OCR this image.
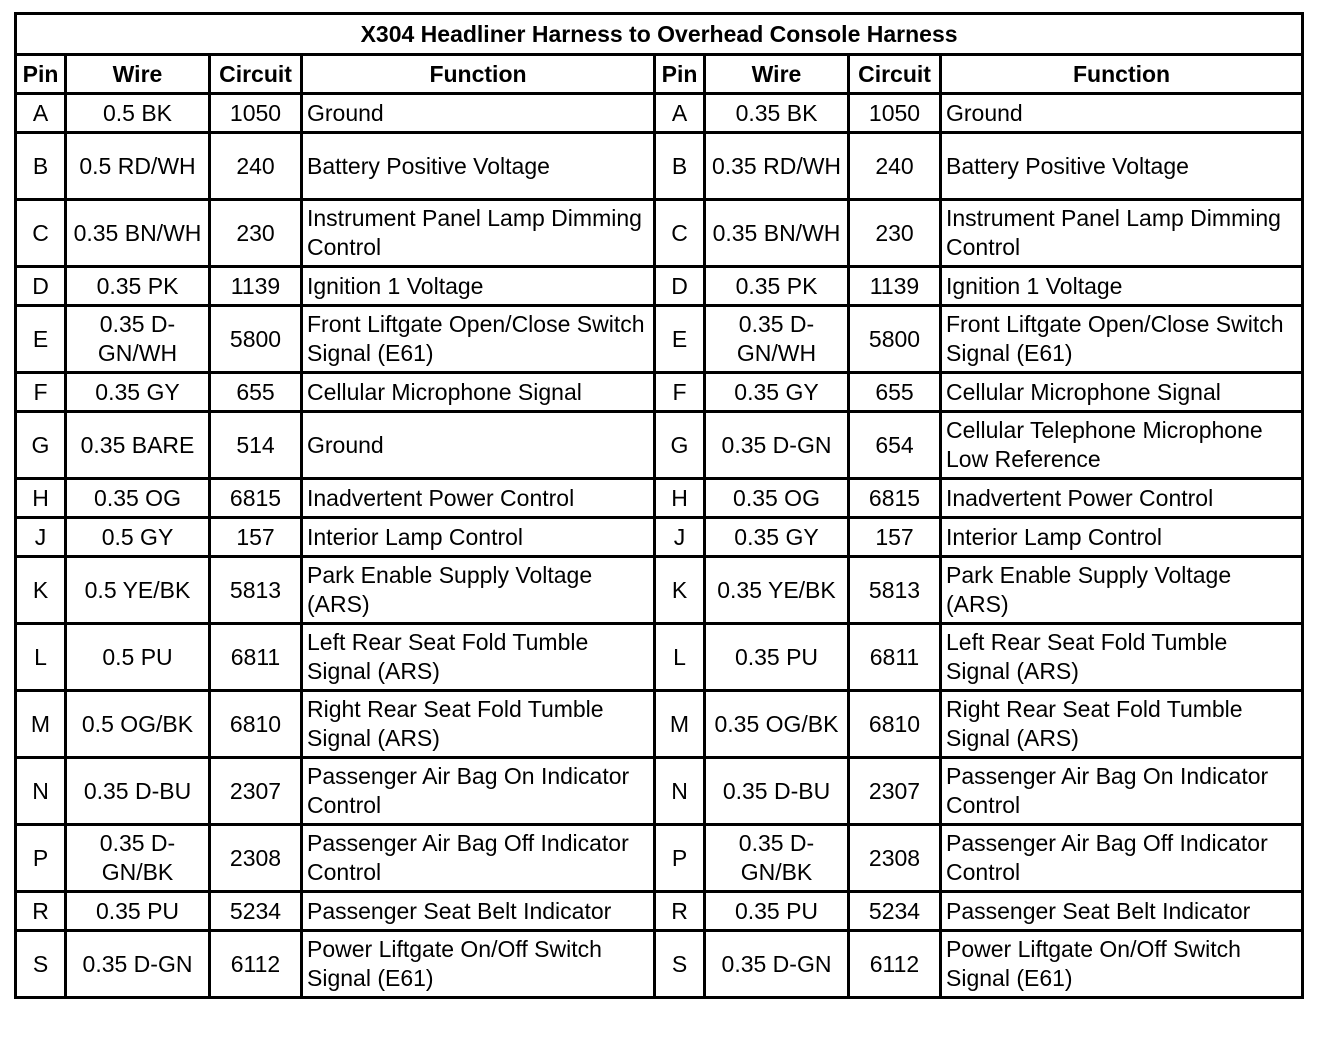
X304 Headliner Harness to Overhead Console Harness							
Pin	Wire	Circuit	Function	Pin	Wire	Circuit	Function
A	0.5 BK	1050	Ground	A	0.35 BK	1050	Ground
B	0.5 RD/WH	240	Battery Positive Voltage	B	0.35 RD/WH	240	Battery Positive Voltage
C	0.35 BN/WH	230	Instrument Panel Lamp Dimming Control	C	0.35 BN/WH	230	Instrument Panel Lamp Dimming Control
D	0.35 PK	1139	Ignition 1 Voltage	D	0.35 PK	1139	Ignition 1 Voltage
E	0.35 D-GN/WH	5800	Front Liftgate Open/Close Switch Signal (E61)	E	0.35 D-GN/WH	5800	Front Liftgate Open/Close Switch Signal (E61)
F	0.35 GY	655	Cellular Microphone Signal	F	0.35 GY	655	Cellular Microphone Signal
G	0.35 BARE	514	Ground	G	0.35 D-GN	654	Cellular Telephone Microphone Low Reference
H	0.35 OG	6815	Inadvertent Power Control	H	0.35 OG	6815	Inadvertent Power Control
J	0.5 GY	157	Interior Lamp Control	J	0.35 GY	157	Interior Lamp Control
K	0.5 YE/BK	5813	Park Enable Supply Voltage (ARS)	K	0.35 YE/BK	5813	Park Enable Supply Voltage (ARS)
L	0.5 PU	6811	Left Rear Seat Fold Tumble Signal (ARS)	L	0.35 PU	6811	Left Rear Seat Fold Tumble Signal (ARS)
M	0.5 OG/BK	6810	Right Rear Seat Fold Tumble Signal (ARS)	M	0.35 OG/BK	6810	Right Rear Seat Fold Tumble Signal (ARS)
N	0.35 D-BU	2307	Passenger Air Bag On Indicator Control	N	0.35 D-BU	2307	Passenger Air Bag On Indicator Control
P	0.35 D-GN/BK	2308	Passenger Air Bag Off Indicator Control	P	0.35 D-GN/BK	2308	Passenger Air Bag Off Indicator Control
R	0.35 PU	5234	Passenger Seat Belt Indicator	R	0.35 PU	5234	Passenger Seat Belt Indicator
S	0.35 D-GN	6112	Power Liftgate On/Off Switch Signal (E61)	S	0.35 D-GN	6112	Power Liftgate On/Off Switch Signal (E61)
